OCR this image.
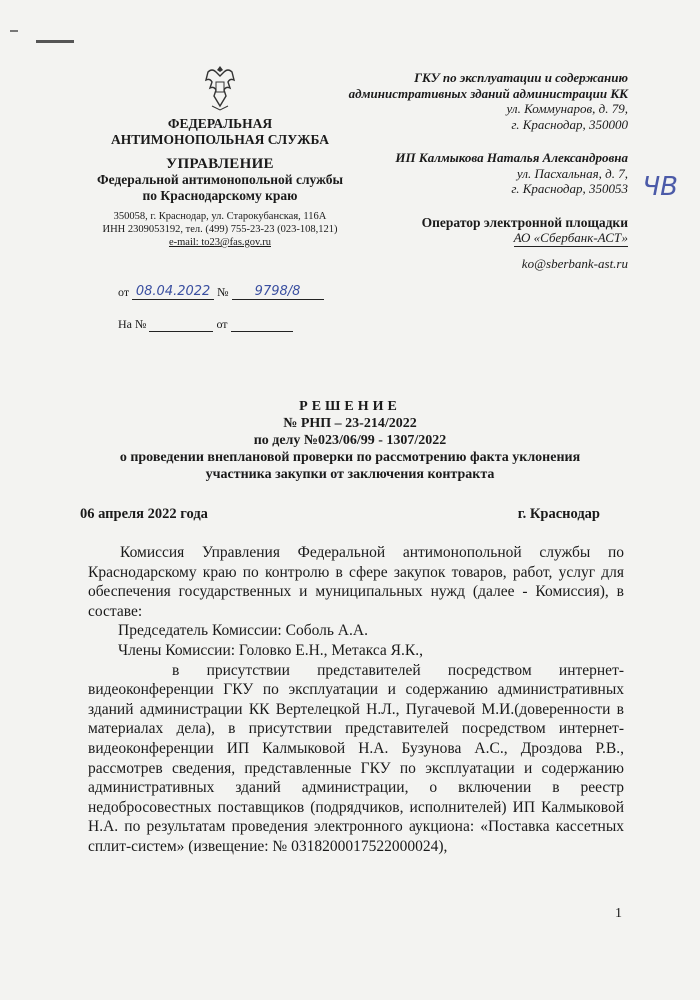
ФЕДЕРАЛЬНАЯ
АНТИМОНОПОЛЬНАЯ СЛУЖБА
УПРАВЛЕНИЕ
Федеральной антимонопольной службы
по Краснодарскому краю
350058, г. Краснодар, ул. Старокубанская, 116А
ИНН 2309053192, тел. (499) 755-23-23 (023-108,121)
e-mail: to23@fas.gov.ru
от 08.04.2022 № 9798/8
На №	от
ГКУ по эксплуатации и содержанию
административных зданий администрации КК
ул. Коммунаров, д. 79,
г. Краснодар, 350000
ИП Калмыкова Наталья Александровна
ул. Пасхальная, д. 7,
г. Краснодар, 350053
Оператор электронной площадки
АО «Сбербанк-АСТ»
ko@sberbank-ast.ru
ЧВ
РЕШЕНИЕ
№ РНП – 23-214/2022
по делу №023/06/99 - 1307/2022
о проведении внеплановой проверки по рассмотрению факта уклонения
участника закупки от заключения контракта
06 апреля 2022 года	г. Краснодар

Комиссия Управления Федеральной антимонопольной службы по Краснодарскому краю по контролю в сфере закупок товаров, работ, услуг для обеспечения государственных и муниципальных нужд (далее - Комиссия), в составе:

Председатель Комиссии: Соболь А.А.

Члены Комиссии: Головко Е.Н., Метакса Я.К.,

в присутствии представителей посредством интернет-видеоконференции ГКУ по эксплуатации и содержанию административных зданий администрации КК Вертелецкой Н.Л., Пугачевой М.И.(доверенности в материалах дела), в присутствии представителей посредством интернет-видеоконференции ИП Калмыковой Н.А. Бузунова А.С., Дроздова Р.В., рассмотрев сведения, представленные ГКУ по эксплуатации и содержанию административных зданий администрации, о включении в реестр недобросовестных поставщиков (подрядчиков, исполнителей) ИП Калмыковой Н.А. по результатам проведения электронного аукциона: «Поставка кассетных сплит-систем» (извещение: № 0318200017522000024),

1
